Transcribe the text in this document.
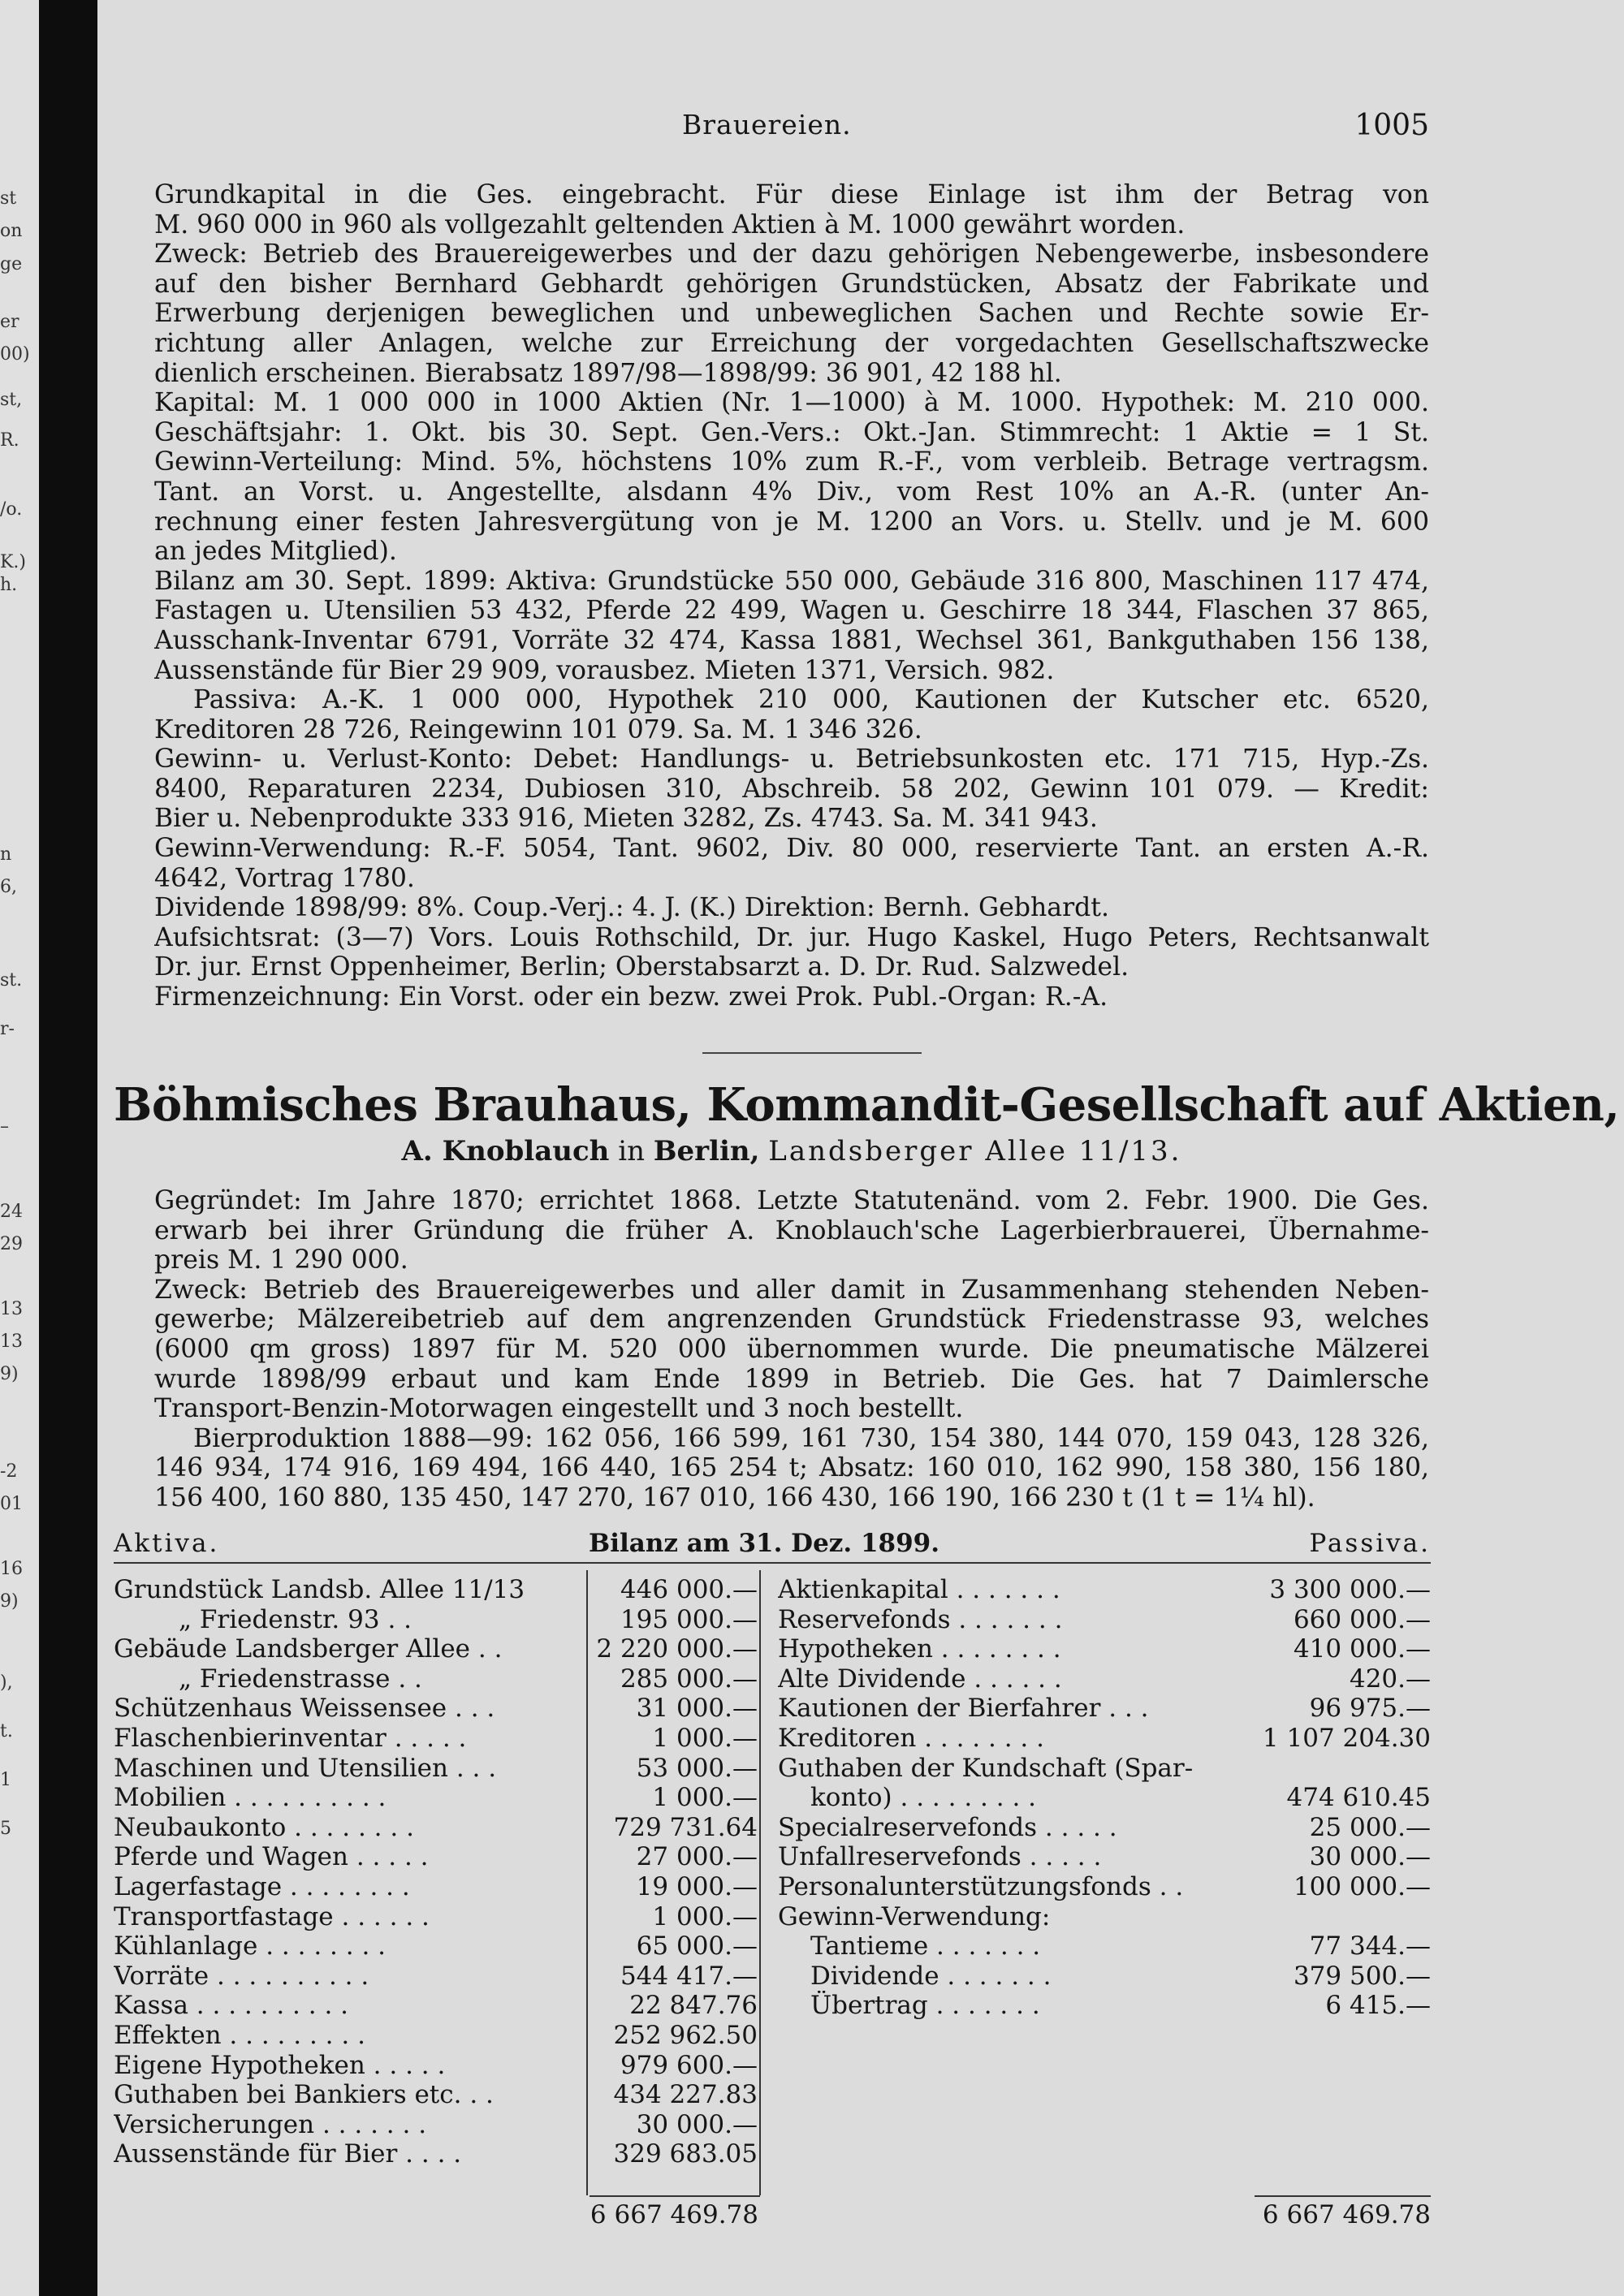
st
on
ge
er
00)
st,
R.
/o.
K.)
h.
n
6,
st.
r-
–
24
29
13
13
9)
-2
01
16
9)
),
t.
1
5
Brauereien.	1005
Grundkapital in die Ges. eingebracht. Für diese Einlage ist ihm der Betrag von
M. 960 000 in 960 als vollgezahlt geltenden Aktien à M. 1000 gewährt worden.
Zweck: Betrieb des Brauereigewerbes und der dazu gehörigen Nebengewerbe, insbesondere
auf den bisher Bernhard Gebhardt gehörigen Grundstücken, Absatz der Fabrikate und
Erwerbung derjenigen beweglichen und unbeweglichen Sachen und Rechte sowie Er-
richtung aller Anlagen, welche zur Erreichung der vorgedachten Gesellschaftszwecke
dienlich erscheinen. Bierabsatz 1897/98—1898/99: 36 901, 42 188 hl.
Kapital: M. 1 000 000 in 1000 Aktien (Nr. 1—1000) à M. 1000. Hypothek: M. 210 000.
Geschäftsjahr: 1. Okt. bis 30. Sept. Gen.-Vers.: Okt.-Jan. Stimmrecht: 1 Aktie = 1 St.
Gewinn-Verteilung: Mind. 5%, höchstens 10% zum R.-F., vom verbleib. Betrage vertragsm.
Tant. an Vorst. u. Angestellte, alsdann 4% Div., vom Rest 10% an A.-R. (unter An-
rechnung einer festen Jahresvergütung von je M. 1200 an Vors. u. Stellv. und je M. 600
an jedes Mitglied).
Bilanz am 30. Sept. 1899: Aktiva: Grundstücke 550 000, Gebäude 316 800, Maschinen 117 474,
Fastagen u. Utensilien 53 432, Pferde 22 499, Wagen u. Geschirre 18 344, Flaschen 37 865,
Ausschank-Inventar 6791, Vorräte 32 474, Kassa 1881, Wechsel 361, Bankguthaben 156 138,
Aussenstände für Bier 29 909, vorausbez. Mieten 1371, Versich. 982.
Passiva: A.-K. 1 000 000, Hypothek 210 000, Kautionen der Kutscher etc. 6520,
Kreditoren 28 726, Reingewinn 101 079. Sa. M. 1 346 326.
Gewinn- u. Verlust-Konto: Debet: Handlungs- u. Betriebsunkosten etc. 171 715, Hyp.-Zs.
8400, Reparaturen 2234, Dubiosen 310, Abschreib. 58 202, Gewinn 101 079. — Kredit:
Bier u. Nebenprodukte 333 916, Mieten 3282, Zs. 4743. Sa. M. 341 943.
Gewinn-Verwendung: R.-F. 5054, Tant. 9602, Div. 80 000, reservierte Tant. an ersten A.-R.
4642, Vortrag 1780.
Dividende 1898/99: 8%. Coup.-Verj.: 4. J. (K.) Direktion: Bernh. Gebhardt.
Aufsichtsrat: (3—7) Vors. Louis Rothschild, Dr. jur. Hugo Kaskel, Hugo Peters, Rechtsanwalt
Dr. jur. Ernst Oppenheimer, Berlin; Oberstabsarzt a. D. Dr. Rud. Salzwedel.
Firmenzeichnung: Ein Vorst. oder ein bezw. zwei Prok. Publ.-Organ: R.-A.
Böhmisches Brauhaus, Kommandit-Gesellschaft auf Aktien,
A. Knoblauch in Berlin, Landsberger Allee 11/13.
Gegründet: Im Jahre 1870; errichtet 1868. Letzte Statutenänd. vom 2. Febr. 1900. Die Ges.
erwarb bei ihrer Gründung die früher A. Knoblauch'sche Lagerbierbrauerei, Übernahme-
preis M. 1 290 000.
Zweck: Betrieb des Brauereigewerbes und aller damit in Zusammenhang stehenden Neben-
gewerbe; Mälzereibetrieb auf dem angrenzenden Grundstück Friedenstrasse 93, welches
(6000 qm gross) 1897 für M. 520 000 übernommen wurde. Die pneumatische Mälzerei
wurde 1898/99 erbaut und kam Ende 1899 in Betrieb. Die Ges. hat 7 Daimlersche
Transport-Benzin-Motorwagen eingestellt und 3 noch bestellt.
Bierproduktion 1888—99: 162 056, 166 599, 161 730, 154 380, 144 070, 159 043, 128 326,
146 934, 174 916, 169 494, 166 440, 165 254 t; Absatz: 160 010, 162 990, 158 380, 156 180,
156 400, 160 880, 135 450, 147 270, 167 010, 166 430, 166 190, 166 230 t (1 t = 1¼ hl).
Aktiva.	Bilanz am 31. Dez. 1899.	Passiva.
Grundstück Landsb. Allee 11/13	446 000.—
„ Friedenstr. 93 . .	195 000.—
Gebäude Landsberger Allee . .	2 220 000.—
„ Friedenstrasse . .	285 000.—
Schützenhaus Weissensee . . .	31 000.—
Flaschenbierinventar . . . . .	1 000.—
Maschinen und Utensilien . . .	53 000.—
Mobilien . . . . . . . . . .	1 000.—
Neubaukonto . . . . . . . .	729 731.64
Pferde und Wagen . . . . .	27 000.—
Lagerfastage . . . . . . . .	19 000.—
Transportfastage . . . . . .	1 000.—
Kühlanlage . . . . . . . .	65 000.—
Vorräte . . . . . . . . . .	544 417.—
Kassa . . . . . . . . . .	22 847.76
Effekten . . . . . . . . .	252 962.50
Eigene Hypotheken . . . . .	979 600.—
Guthaben bei Bankiers etc. . .	434 227.83
Versicherungen . . . . . . .	30 000.—
Aussenstände für Bier . . . .	329 683.05
6 667 469.78
Aktienkapital . . . . . . .	3 300 000.—
Reservefonds . . . . . . .	660 000.—
Hypotheken . . . . . . . .	410 000.—
Alte Dividende . . . . . .	420.—
Kautionen der Bierfahrer . . .	96 975.—
Kreditoren . . . . . . . .	1 107 204.30
Guthaben der Kundschaft (Spar-
konto) . . . . . . . . .	474 610.45
Specialreservefonds . . . . .	25 000.—
Unfallreservefonds . . . . .	30 000.—
Personalunterstützungsfonds . .	100 000.—
Gewinn-Verwendung:
Tantieme . . . . . . .	77 344.—
Dividende . . . . . . .	379 500.—
Übertrag . . . . . . .	6 415.—
6 667 469.78
